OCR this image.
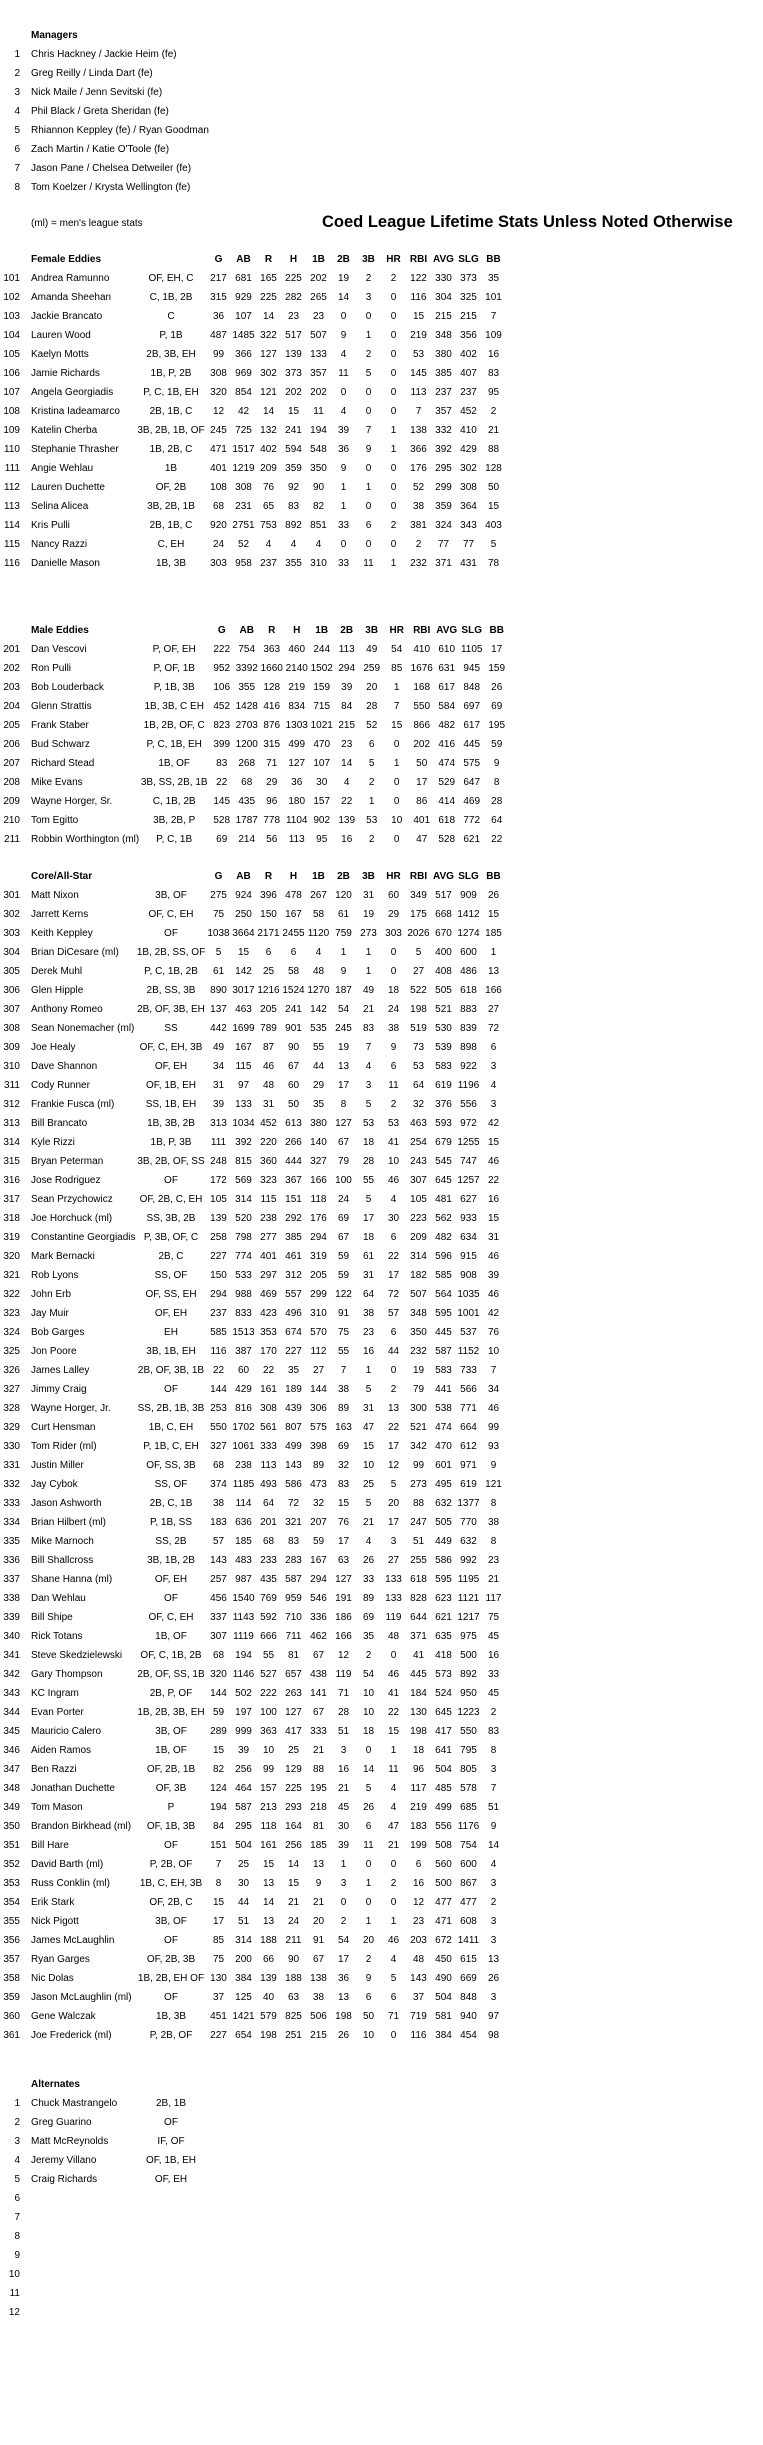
	Managers
1	Chris Hackney / Jackie Heim (fe)
2	Greg Reilly / Linda Dart (fe)
3	Nick Maile / Jenn Sevitski (fe)
4	Phil Black / Greta Sheridan (fe)
5	Rhiannon Keppley (fe) / Ryan Goodman
6	Zach Martin / Katie O'Toole (fe)
7	Jason Pane / Chelsea Detweiler (fe)
8	Tom Koelzer / Krysta Wellington (fe)
(ml) = men's league stats	Coed League Lifetime Stats Unless Noted Otherwise
	Female Eddies		G	AB	R	H	1B	2B	3B	HR	RBI	AVG	SLG	BB
101	Andrea Ramunno	OF, EH, C	217	681	165	225	202	19	2	2	122	330	373	35
102	Amanda Sheehan	C, 1B, 2B	315	929	225	282	265	14	3	0	116	304	325	101
103	Jackie Brancato	C	36	107	14	23	23	0	0	0	15	215	215	7
104	Lauren Wood	P, 1B	487	1485	322	517	507	9	1	0	219	348	356	109
105	Kaelyn Motts	2B, 3B, EH	99	366	127	139	133	4	2	0	53	380	402	16
106	Jamie Richards	1B, P, 2B	308	969	302	373	357	11	5	0	145	385	407	83
107	Angela Georgiadis	P, C, 1B, EH	320	854	121	202	202	0	0	0	113	237	237	95
108	Kristina Iadeamarco	2B, 1B, C	12	42	14	15	11	4	0	0	7	357	452	2
109	Katelin Cherba	3B, 2B, 1B, OF	245	725	132	241	194	39	7	1	138	332	410	21
110	Stephanie Thrasher	1B, 2B, C	471	1517	402	594	548	36	9	1	366	392	429	88
111	Angie Wehlau	1B	401	1219	209	359	350	9	0	0	176	295	302	128
112	Lauren Duchette	OF, 2B	108	308	76	92	90	1	1	0	52	299	308	50
113	Selina Alicea	3B, 2B, 1B	68	231	65	83	82	1	0	0	38	359	364	15
114	Kris Pulli	2B, 1B, C	920	2751	753	892	851	33	6	2	381	324	343	403
115	Nancy Razzi	C, EH	24	52	4	4	4	0	0	0	2	77	77	5
116	Danielle Mason	1B, 3B	303	958	237	355	310	33	11	1	232	371	431	78
	Male Eddies		G	AB	R	H	1B	2B	3B	HR	RBI	AVG	SLG	BB
201	Dan Vescovi	P, OF, EH	222	754	363	460	244	113	49	54	410	610	1105	17
202	Ron Pulli	P, OF, 1B	952	3392	1660	2140	1502	294	259	85	1676	631	945	159
203	Bob Louderback	P, 1B, 3B	106	355	128	219	159	39	20	1	168	617	848	26
204	Glenn Strattis	1B, 3B, C EH	452	1428	416	834	715	84	28	7	550	584	697	69
205	Frank Staber	1B, 2B, OF, C	823	2703	876	1303	1021	215	52	15	866	482	617	195
206	Bud Schwarz	P, C, 1B, EH	399	1200	315	499	470	23	6	0	202	416	445	59
207	Richard Stead	1B, OF	83	268	71	127	107	14	5	1	50	474	575	9
208	Mike Evans	3B, SS, 2B, 1B	22	68	29	36	30	4	2	0	17	529	647	8
209	Wayne Horger, Sr.	C, 1B, 2B	145	435	96	180	157	22	1	0	86	414	469	28
210	Tom Egitto	3B, 2B, P	528	1787	778	1104	902	139	53	10	401	618	772	64
211	Robbin Worthington (ml)	P, C, 1B	69	214	56	113	95	16	2	0	47	528	621	22
	Core/All-Star		G	AB	R	H	1B	2B	3B	HR	RBI	AVG	SLG	BB
301	Matt Nixon	3B, OF	275	924	396	478	267	120	31	60	349	517	909	26
302	Jarrett Kerns	OF, C, EH	75	250	150	167	58	61	19	29	175	668	1412	15
303	Keith Keppley	OF	1038	3664	2171	2455	1120	759	273	303	2026	670	1274	185
304	Brian DiCesare (ml)	1B, 2B, SS, OF	5	15	6	6	4	1	1	0	5	400	600	1
305	Derek Muhl	P, C, 1B, 2B	61	142	25	58	48	9	1	0	27	408	486	13
306	Glen Hipple	2B, SS, 3B	890	3017	1216	1524	1270	187	49	18	522	505	618	166
307	Anthony Romeo	2B, OF, 3B, EH	137	463	205	241	142	54	21	24	198	521	883	27
308	Sean Nonemacher (ml)	SS	442	1699	789	901	535	245	83	38	519	530	839	72
309	Joe Healy	OF, C, EH, 3B	49	167	87	90	55	19	7	9	73	539	898	6
310	Dave Shannon	OF, EH	34	115	46	67	44	13	4	6	53	583	922	3
311	Cody Runner	OF, 1B, EH	31	97	48	60	29	17	3	11	64	619	1196	4
312	Frankie Fusca (ml)	SS, 1B, EH	39	133	31	50	35	8	5	2	32	376	556	3
313	Bill Brancato	1B, 3B, 2B	313	1034	452	613	380	127	53	53	463	593	972	42
314	Kyle Rizzi	1B, P, 3B	111	392	220	266	140	67	18	41	254	679	1255	15
315	Bryan Peterman	3B, 2B, OF, SS	248	815	360	444	327	79	28	10	243	545	747	46
316	Jose Rodriguez	OF	172	569	323	367	166	100	55	46	307	645	1257	22
317	Sean Przychowicz	OF, 2B, C, EH	105	314	115	151	118	24	5	4	105	481	627	16
318	Joe Horchuck (ml)	SS, 3B, 2B	139	520	238	292	176	69	17	30	223	562	933	15
319	Constantine Georgiadis	P, 3B, OF, C	258	798	277	385	294	67	18	6	209	482	634	31
320	Mark Bernacki	2B, C	227	774	401	461	319	59	61	22	314	596	915	46
321	Rob Lyons	SS, OF	150	533	297	312	205	59	31	17	182	585	908	39
322	John Erb	OF, SS, EH	294	988	469	557	299	122	64	72	507	564	1035	46
323	Jay Muir	OF, EH	237	833	423	496	310	91	38	57	348	595	1001	42
324	Bob Garges	EH	585	1513	353	674	570	75	23	6	350	445	537	76
325	Jon Poore	3B, 1B, EH	116	387	170	227	112	55	16	44	232	587	1152	10
326	James Lalley	2B, OF, 3B, 1B	22	60	22	35	27	7	1	0	19	583	733	7
327	Jimmy Craig	OF	144	429	161	189	144	38	5	2	79	441	566	34
328	Wayne Horger, Jr.	SS, 2B, 1B, 3B	253	816	308	439	306	89	31	13	300	538	771	46
329	Curt Hensman	1B, C, EH	550	1702	561	807	575	163	47	22	521	474	664	99
330	Tom Rider (ml)	P, 1B, C, EH	327	1061	333	499	398	69	15	17	342	470	612	93
331	Justin Miller	OF, SS, 3B	68	238	113	143	89	32	10	12	99	601	971	9
332	Jay Cybok	SS, OF	374	1185	493	586	473	83	25	5	273	495	619	121
333	Jason Ashworth	2B, C, 1B	38	114	64	72	32	15	5	20	88	632	1377	8
334	Brian Hilbert (ml)	P, 1B, SS	183	636	201	321	207	76	21	17	247	505	770	38
335	Mike Marnoch	SS, 2B	57	185	68	83	59	17	4	3	51	449	632	8
336	Bill Shallcross	3B, 1B, 2B	143	483	233	283	167	63	26	27	255	586	992	23
337	Shane Hanna (ml)	OF, EH	257	987	435	587	294	127	33	133	618	595	1195	21
338	Dan Wehlau	OF	456	1540	769	959	546	191	89	133	828	623	1121	117
339	Bill Shipe	OF, C, EH	337	1143	592	710	336	186	69	119	644	621	1217	75
340	Rick Totans	1B, OF	307	1119	666	711	462	166	35	48	371	635	975	45
341	Steve Skedzielewski	OF, C, 1B, 2B	68	194	55	81	67	12	2	0	41	418	500	16
342	Gary Thompson	2B, OF, SS, 1B	320	1146	527	657	438	119	54	46	445	573	892	33
343	KC Ingram	2B, P, OF	144	502	222	263	141	71	10	41	184	524	950	45
344	Evan Porter	1B, 2B, 3B, EH	59	197	100	127	67	28	10	22	130	645	1223	2
345	Mauricio Calero	3B, OF	289	999	363	417	333	51	18	15	198	417	550	83
346	Aiden Ramos	1B, OF	15	39	10	25	21	3	0	1	18	641	795	8
347	Ben Razzi	OF, 2B, 1B	82	256	99	129	88	16	14	11	96	504	805	3
348	Jonathan Duchette	OF, 3B	124	464	157	225	195	21	5	4	117	485	578	7
349	Tom Mason	P	194	587	213	293	218	45	26	4	219	499	685	51
350	Brandon Birkhead (ml)	OF, 1B, 3B	84	295	118	164	81	30	6	47	183	556	1176	9
351	Bill Hare	OF	151	504	161	256	185	39	11	21	199	508	754	14
352	David Barth (ml)	P, 2B, OF	7	25	15	14	13	1	0	0	6	560	600	4
353	Russ Conklin (ml)	1B, C, EH, 3B	8	30	13	15	9	3	1	2	16	500	867	3
354	Erik Stark	OF, 2B, C	15	44	14	21	21	0	0	0	12	477	477	2
355	Nick Pigott	3B, OF	17	51	13	24	20	2	1	1	23	471	608	3
356	James McLaughlin	OF	85	314	188	211	91	54	20	46	203	672	1411	3
357	Ryan Garges	OF, 2B, 3B	75	200	66	90	67	17	2	4	48	450	615	13
358	Nic Dolas	1B, 2B, EH OF	130	384	139	188	138	36	9	5	143	490	669	26
359	Jason McLaughlin (ml)	OF	37	125	40	63	38	13	6	6	37	504	848	3
360	Gene Walczak	1B, 3B	451	1421	579	825	506	198	50	71	719	581	940	97
361	Joe Frederick (ml)	P, 2B, OF	227	654	198	251	215	26	10	0	116	384	454	98
	Alternates	
1	Chuck Mastrangelo	2B, 1B
2	Greg Guarino	OF
3	Matt McReynolds	IF, OF
4	Jeremy Villano	OF, 1B, EH
5	Craig Richards	OF, EH
6		
7		
8		
9		
10		
11		
12		
